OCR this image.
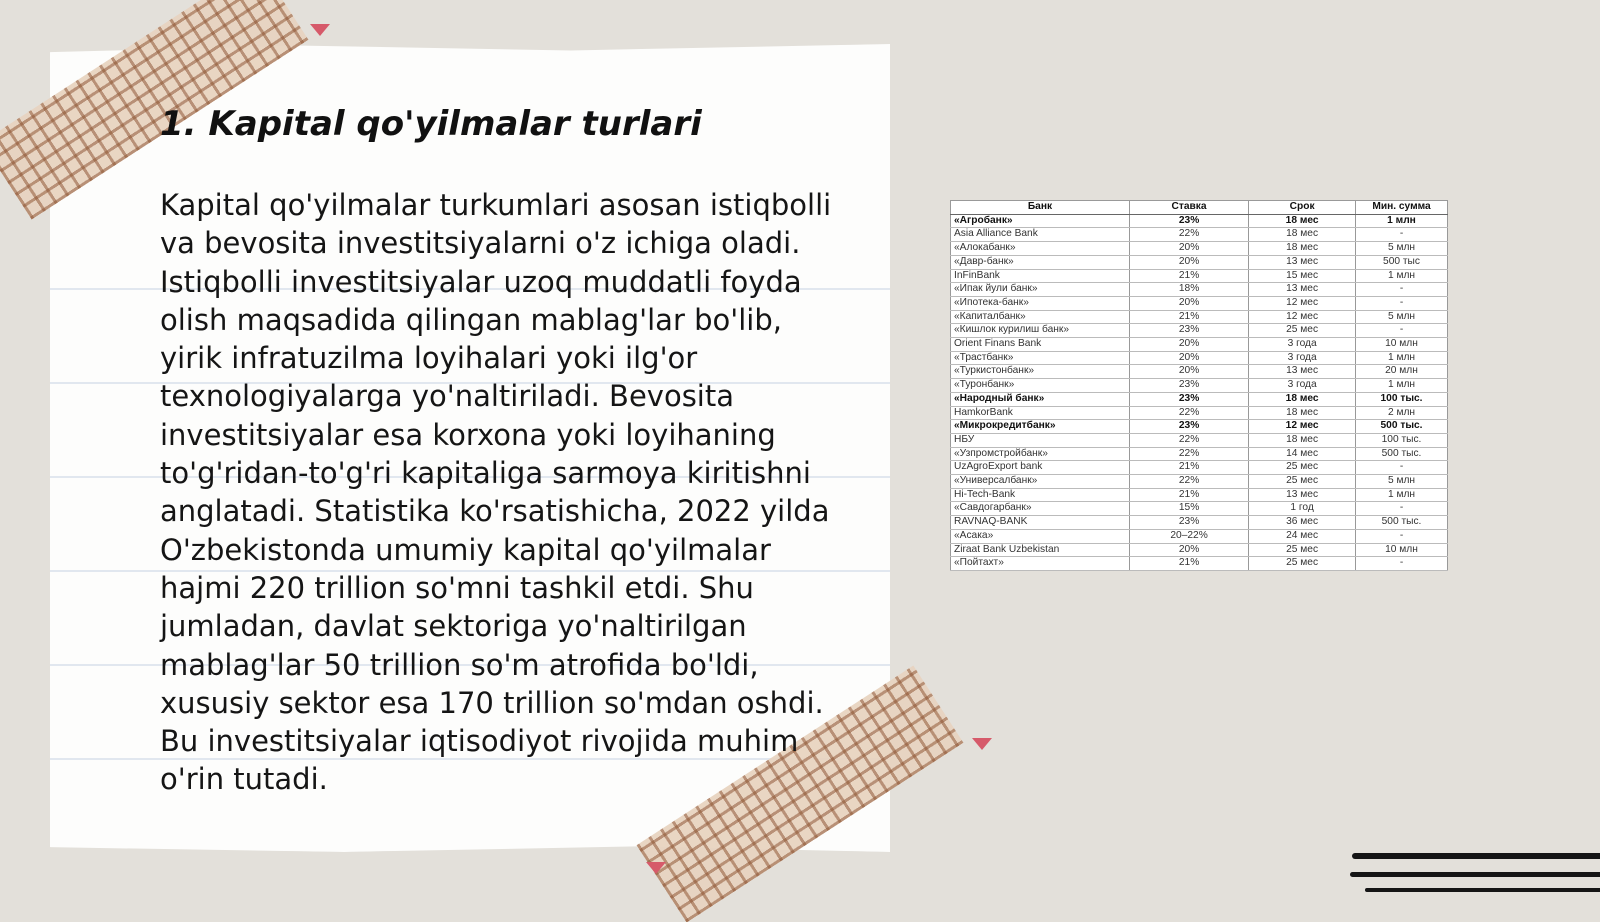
1. Kapital qo'yilmalar turlari

Kapital qo'yilmalar turkumlari asosan istiqbolli va bevosita investitsiyalarni o'z ichiga oladi. Istiqbolli investitsiyalar uzoq muddatli foyda olish maqsadida qilingan mablag'lar bo'lib, yirik infratuzilma loyihalari yoki ilg'or texnologiyalarga yo'naltiriladi. Bevosita investitsiyalar esa korxona yoki loyihaning to'g'ridan-to'g'ri kapitaliga sarmoya kiritishni anglatadi. Statistika ko'rsatishicha, 2022 yilda O'zbekistonda umumiy kapital qo'yilmalar hajmi 220 trillion so'mni tashkil etdi. Shu jumladan, davlat sektoriga yo'naltirilgan mablag'lar 50 trillion so'm atrofida bo'ldi, xususiy sektor esa 170 trillion so'mdan oshdi. Bu investitsiyalar iqtisodiyot rivojida muhim o'rin tutadi.

Банк	Ставка	Срок	Мин. сумма
«Агробанк»	23%	18 мес	1 млн
Asia Alliance Bank	22%	18 мес	-
«Алокабанк»	20%	18 мес	5 млн
«Давр-банк»	20%	13 мес	500 тыс
InFinBank	21%	15 мес	1 млн
«Ипак йули банк»	18%	13 мес	-
«Ипотека-банк»	20%	12 мес	-
«Капиталбанк»	21%	12 мес	5 млн
«Кишлок курилиш банк»	23%	25 мес	-
Orient Finans Bank	20%	3 года	10 млн
«Трастбанк»	20%	3 года	1 млн
«Туркистонбанк»	20%	13 мес	20 млн
«Туронбанк»	23%	3 года	1 млн
«Народный банк»	23%	18 мес	100 тыс.
HamkorBank	22%	18 мес	2 млн
«Микрокредитбанк»	23%	12 мес	500 тыс.
НБУ	22%	18 мес	100 тыс.
«Узпромстройбанк»	22%	14 мес	500 тыс.
UzAgroExport bank	21%	25 мес	-
«Универсалбанк»	22%	25 мес	5 млн
Hi-Tech-Bank	21%	13 мес	1 млн
«Савдогарбанк»	15%	1 год	-
RAVNAQ-BANK	23%	36 мес	500 тыс.
«Асака»	20–22%	24 мес	-
Ziraat Bank Uzbekistan	20%	25 мес	10 млн
«Пойтахт»	21%	25 мес	-
